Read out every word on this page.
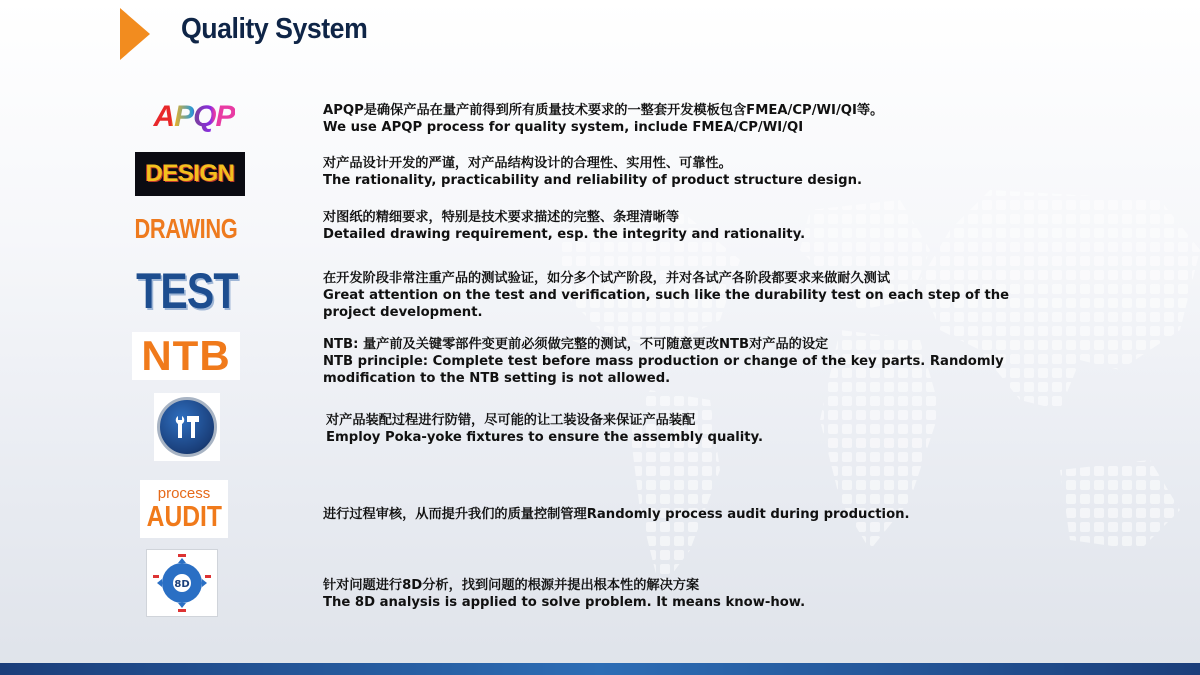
Quality System
APQP
DESIGN
DRAWING
TEST
NTB
process
AUDIT
8D
APQP是确保产品在量产前得到所有质量技术要求的一整套开发模板包含FMEA/CP/WI/QI等。
We use APQP process for quality system, include FMEA/CP/WI/QI
对产品设计开发的严谨，对产品结构设计的合理性、实用性、可靠性。
The rationality, practicability and reliability of product structure design.
对图纸的精细要求，特别是技术要求描述的完整、条理清晰等
Detailed drawing requirement, esp. the integrity and rationality.
在开发阶段非常注重产品的测试验证，如分多个试产阶段，并对各试产各阶段都要求来做耐久测试
Great attention on the test and verification, such like the durability test on each step of the project development.
NTB: 量产前及关键零部件变更前必须做完整的测试，不可随意更改NTB对产品的设定
NTB principle: Complete test before mass production or change of the key parts. Randomly modification to the NTB setting is not allowed.
对产品装配过程进行防错，尽可能的让工装设备来保证产品装配
Employ Poka-yoke fixtures to ensure the assembly quality.
进行过程审核，从而提升我们的质量控制管理Randomly process audit during production.
针对问题进行8D分析，找到问题的根源并提出根本性的解决方案
The 8D analysis is applied to solve problem. It means know-how.
